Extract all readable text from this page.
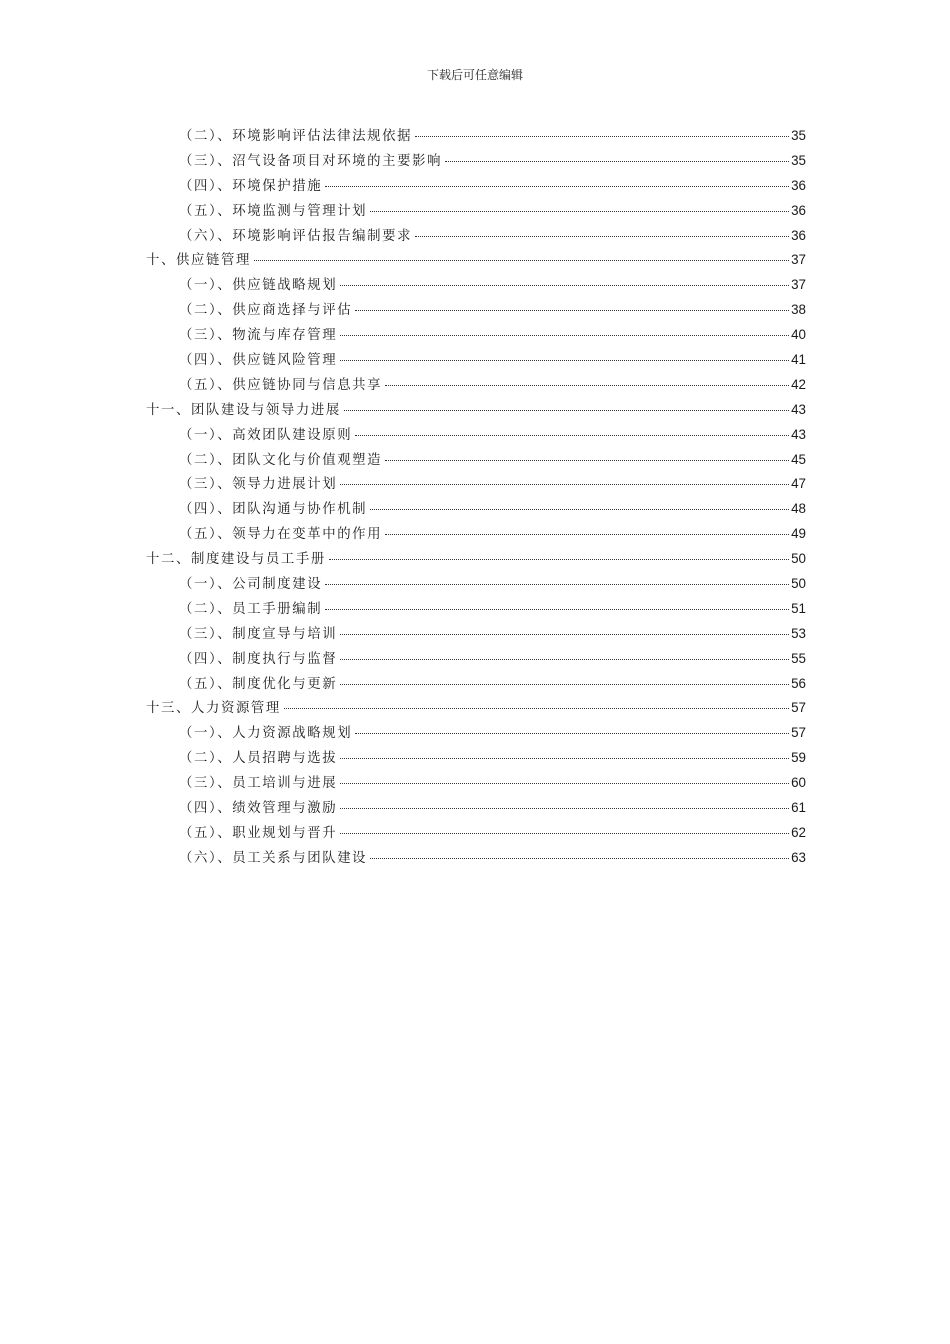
下载后可任意编辑
（二）、环境影响评估法律法规依据	35
（三）、沼气设备项目对环境的主要影响	35
（四）、环境保护措施	36
（五）、环境监测与管理计划	36
（六）、环境影响评估报告编制要求	36
十、供应链管理	37
（一）、供应链战略规划	37
（二）、供应商选择与评估	38
（三）、物流与库存管理	40
（四）、供应链风险管理	41
（五）、供应链协同与信息共享	42
十一、团队建设与领导力进展	43
（一）、高效团队建设原则	43
（二）、团队文化与价值观塑造	45
（三）、领导力进展计划	47
（四）、团队沟通与协作机制	48
（五）、领导力在变革中的作用	49
十二、制度建设与员工手册	50
（一）、公司制度建设	50
（二）、员工手册编制	51
（三）、制度宣导与培训	53
（四）、制度执行与监督	55
（五）、制度优化与更新	56
十三、人力资源管理	57
（一）、人力资源战略规划	57
（二）、人员招聘与选拔	59
（三）、员工培训与进展	60
（四）、绩效管理与激励	61
（五）、职业规划与晋升	62
（六）、员工关系与团队建设	63
